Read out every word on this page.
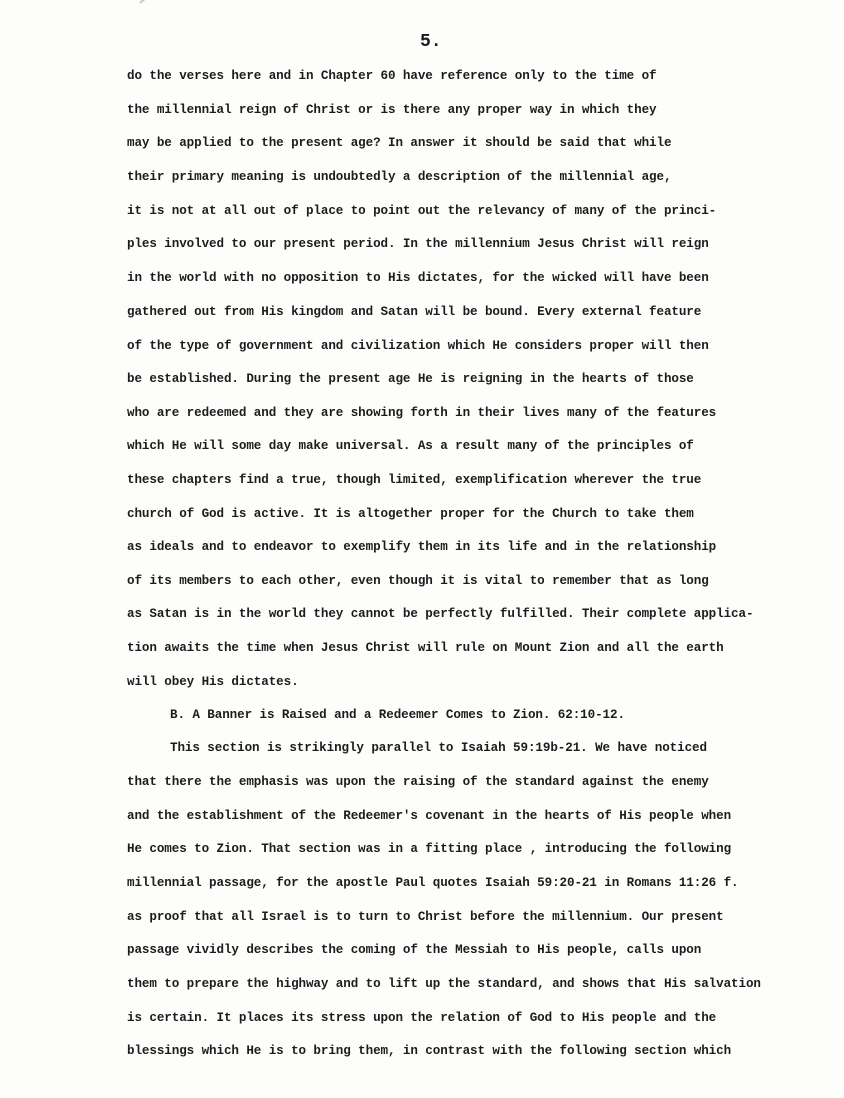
5.
do the verses here and in Chapter 60 have reference only to the time of
the millennial reign of Christ or is there any proper way in which they
may be applied to the present age? In answer it should be said that while
their primary meaning is undoubtedly a description of the millennial age,
it is not at all out of place to point out the relevancy of many of the princi-
ples involved to our present period. In the millennium Jesus Christ will reign
in the world with no opposition to His dictates, for the wicked will have been
gathered out from His kingdom and Satan will be bound. Every external feature
of the type of government and civilization which He considers proper will then
be established. During the present age He is reigning in the hearts of those
who are redeemed and they are showing forth in their lives many of the features
which He will some day make universal. As a result many of the principles of
these chapters find a true, though limited, exemplification wherever the true
church of God is active. It is altogether proper for the Church to take them
as ideals and to endeavor to exemplify them in its life and in the relationship
of its members to each other, even though it is vital to remember that as long
as Satan is in the world they cannot be perfectly fulfilled. Their complete applica-
tion awaits the time when Jesus Christ will rule on Mount Zion and all the earth
will obey His dictates.
B. A Banner is Raised and a Redeemer Comes to Zion. 62:10-12.
This section is strikingly parallel to Isaiah 59:19b-21. We have noticed
that there the emphasis was upon the raising of the standard against the enemy
and the establishment of the Redeemer's covenant in the hearts of His people when
He comes to Zion. That section was in a fitting place , introducing the following
millennial passage, for the apostle Paul quotes Isaiah 59:20-21 in Romans 11:26 f.
as proof that all Israel is to turn to Christ before the millennium. Our present
passage vividly describes the coming of the Messiah to His people, calls upon
them to prepare the highway and to lift up the standard, and shows that His salvation
is certain. It places its stress upon the relation of God to His people and the
blessings which He is to bring them, in contrast with the following section which
